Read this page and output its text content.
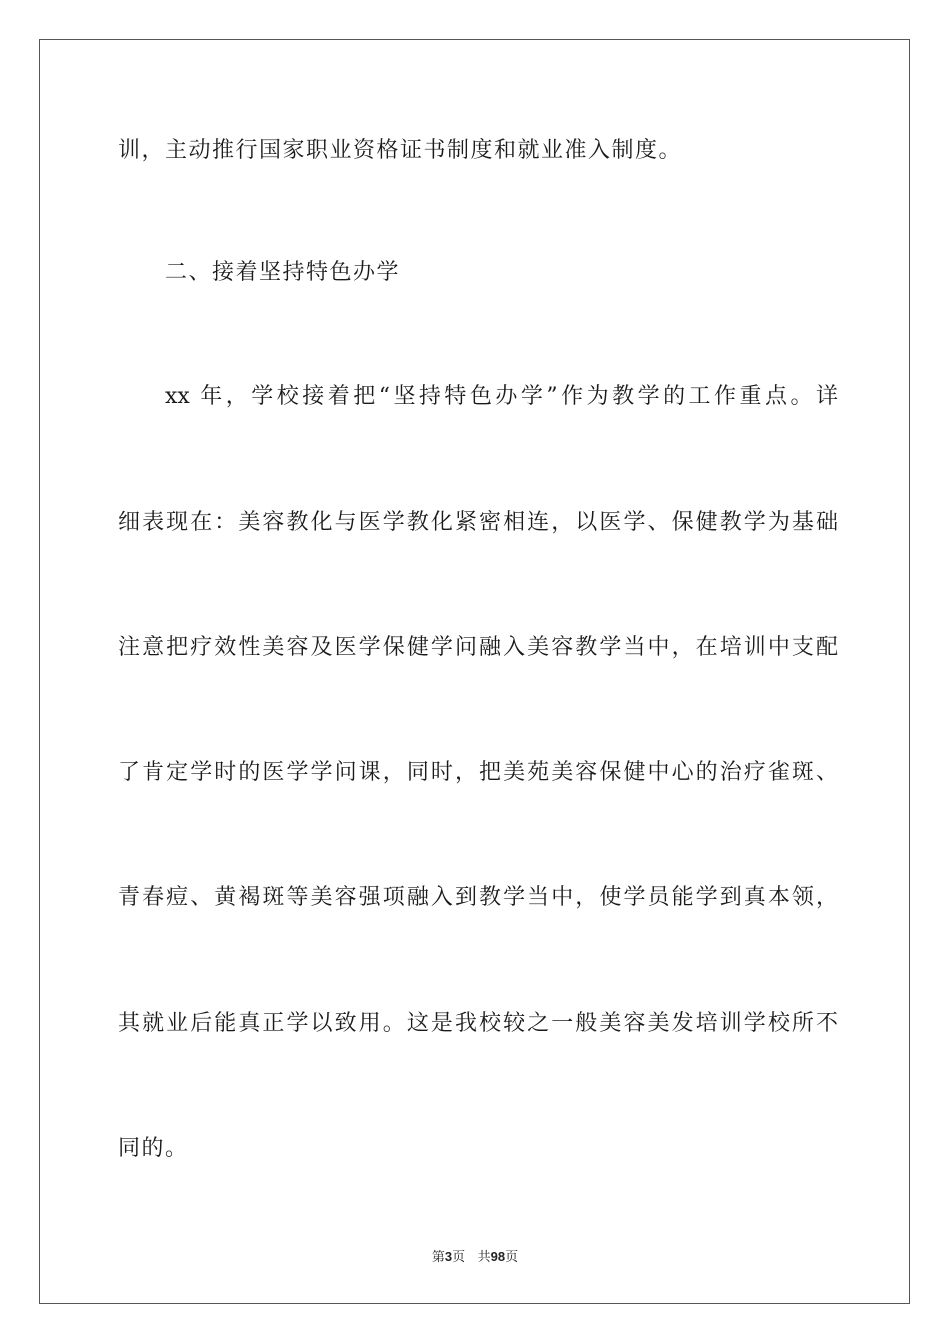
训，主动推行国家职业资格证书制度和就业准入制度。
二、接着坚持特色办学
xx 年，学校接着把“坚持特色办学”作为教学的工作重点。详
细表现在：美容教化与医学教化紧密相连，以医学、保健教学为基础
注意把疗效性美容及医学保健学问融入美容教学当中，在培训中支配
了肯定学时的医学学问课，同时，把美苑美容保健中心的治疗雀斑、
青春痘、黄褐斑等美容强项融入到教学当中，使学员能学到真本领，
其就业后能真正学以致用。这是我校较之一般美容美发培训学校所不
同的。
第3页 共98页
